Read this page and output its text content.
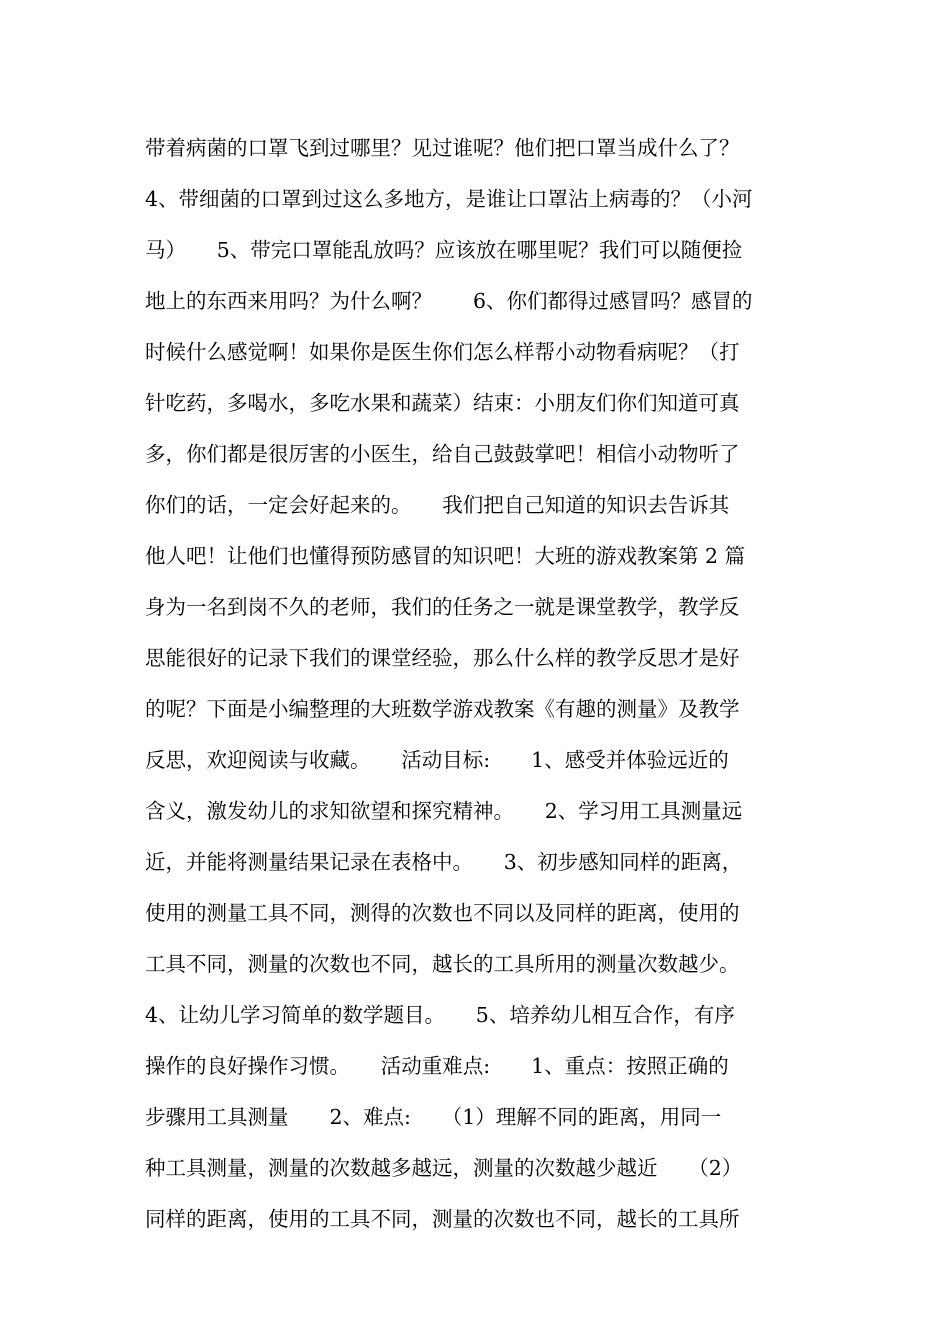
带着病菌的口罩飞到过哪里？见过谁呢？他们把口罩当成什么了？
4、带细菌的口罩到过这么多地方，是谁让口罩沾上病毒的？（小河
马）　　5、带完口罩能乱放吗？应该放在哪里呢？我们可以随便捡
地上的东西来用吗？为什么啊？　　6、你们都得过感冒吗？感冒的
时候什么感觉啊！如果你是医生你们怎么样帮小动物看病呢？（打
针吃药，多喝水，多吃水果和蔬菜）结束：小朋友们你们知道可真
多，你们都是很厉害的小医生，给自己鼓鼓掌吧！相信小动物听了
你们的话，一定会好起来的。　　我们把自己知道的知识去告诉其
他人吧！让他们也懂得预防感冒的知识吧！大班的游戏教案第 2 篇
身为一名到岗不久的老师，我们的任务之一就是课堂教学，教学反
思能很好的记录下我们的课堂经验，那么什么样的教学反思才是好
的呢？下面是小编整理的大班数学游戏教案《有趣的测量》及教学
反思，欢迎阅读与收藏。　　活动目标:　　1、感受并体验远近的
含义，激发幼儿的求知欲望和探究精神。　　2、学习用工具测量远
近，并能将测量结果记录在表格中。　　3、初步感知同样的距离，
使用的测量工具不同，测得的次数也不同以及同样的距离，使用的
工具不同，测量的次数也不同，越长的工具所用的测量次数越少。
4、让幼儿学习简单的数学题目。　　5、培养幼儿相互合作，有序
操作的良好操作习惯。　　活动重难点:　　1、重点：按照正确的
步骤用工具测量　　2、难点:　　（1）理解不同的距离，用同一
种工具测量，测量的次数越多越远，测量的次数越少越近　　（2）
同样的距离，使用的工具不同，测量的次数也不同，越长的工具所
